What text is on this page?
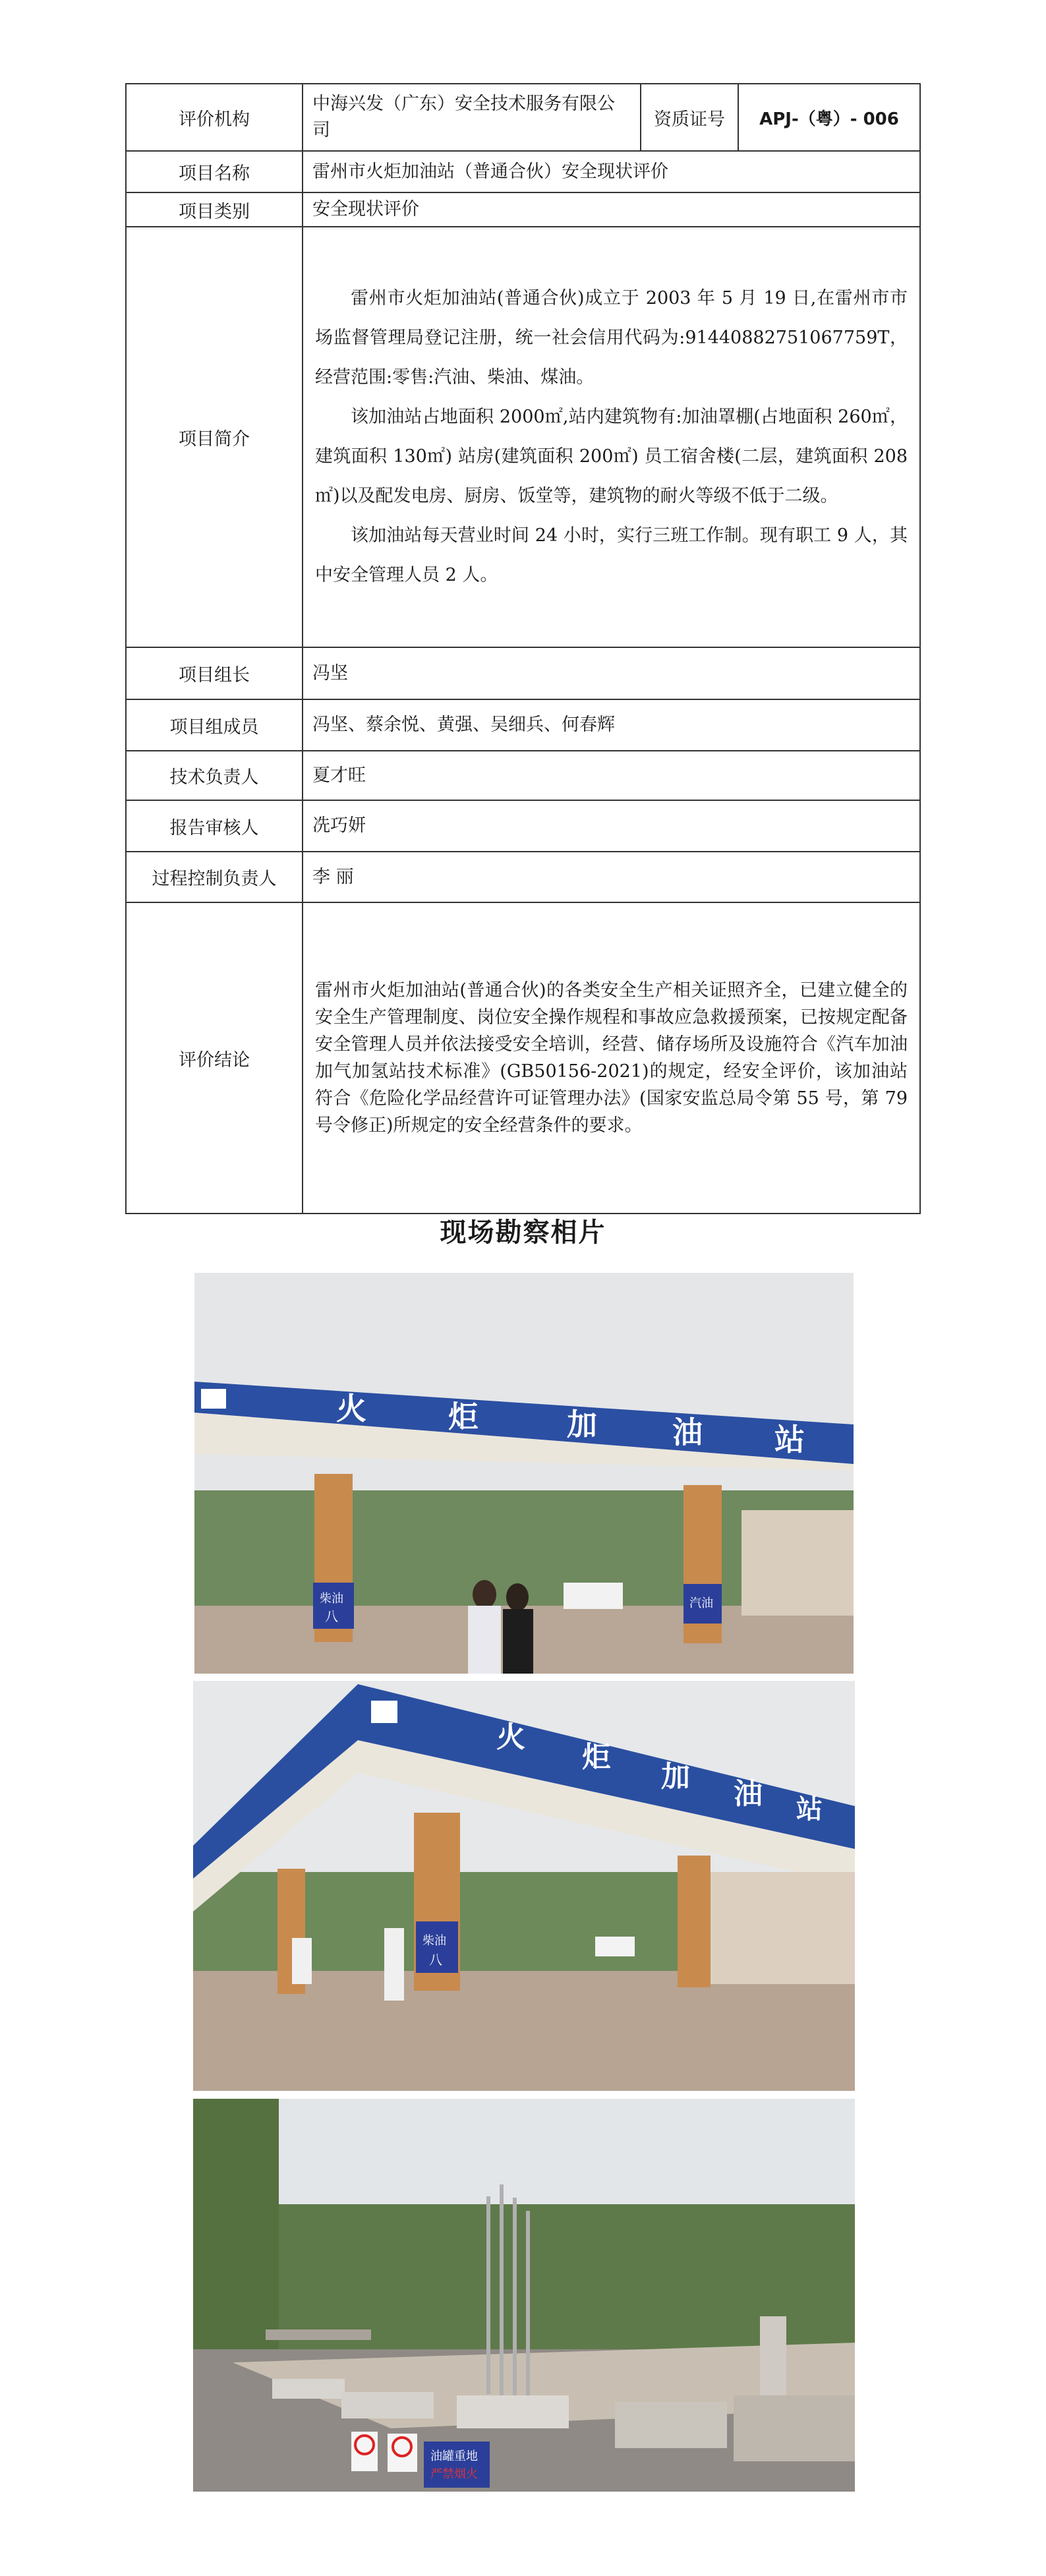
评价机构	中海兴发（广东）安全技术服务有限公司	资质证号	APJ-（粤）- 006
项目名称	雷州市火炬加油站（普通合伙）安全现状评价		
项目类别	安全现状评价		
项目简介	雷州市火炬加油站(普通合伙)成立于 2003 年 5 月 19 日,在雷州市市场监督管理局登记注册，统一社会信用代码为:91440882751067759T，经营范围:零售:汽油、柴油、煤油。

该加油站占地面积 2000㎡,站内建筑物有:加油罩棚(占地面积 260㎡，建筑面积 130㎡) 站房(建筑面积 200㎡) 员工宿舍楼(二层，建筑面积 208㎡)以及配发电房、厨房、饭堂等，建筑物的耐火等级不低于二级。

该加油站每天营业时间 24 小时，实行三班工作制。现有职工 9 人，其中安全管理人员 2 人。		

项目组长	冯坚		
项目组成员	冯坚、蔡余悦、黄强、吴细兵、何春辉		
技术负责人	夏才旺		
报告审核人	冼巧妍		
过程控制负责人	李 丽		
评价结论	雷州市火炬加油站(普通合伙)的各类安全生产相关证照齐全，已建立健全的安全生产管理制度、岗位安全操作规程和事故应急救援预案，已按规定配备安全管理人员并依法接受安全培训，经营、储存场所及设施符合《汽车加油加气加氢站技术标准》(GB50156-2021)的规定，经安全评价，该加油站符合《危险化学品经营许可证管理办法》(国家安监总局令第 55 号，第 79 号令修正)所规定的安全经营条件的要求。		

现场勘察相片
火	炬	加 油 站
柴油
八
汽油
火
炬
加
油 站
柴油
八
油罐重地
严禁烟火
